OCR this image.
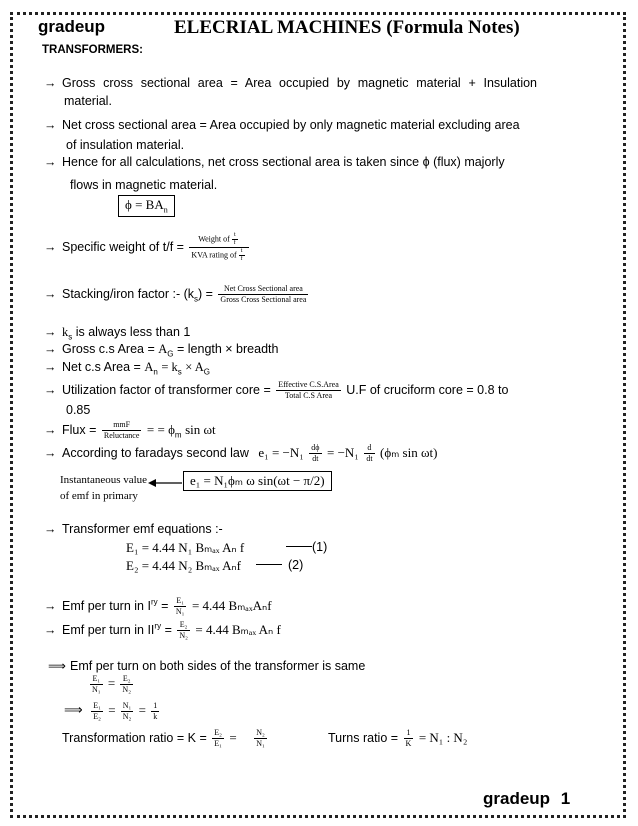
gradeup	ELECRIAL MACHINES (Formula Notes)
TRANSFORMERS:
→ Gross cross sectional area = Area occupied by magnetic material + Insulation
material.
→ Net cross sectional area = Area occupied by only magnetic material excluding area
of insulation material.
→ Hence for all calculations, net cross sectional area is taken since ϕ (flux) majorly
flows in magnetic material.
$\phi = BA_n$
→ Specific weight of $t/f = \frac{Weight of \frac{t}{f}}{KVA rating of \frac{t}{f}}$
→ Stacking/iron factor :- $(k_s) = \frac{\text{Net Cross Sectional area}}{\text{Gross Cross Sectional area}}$
→ $k_s$ is always less than 1
→ Gross c.s Area = $A_G$ = length × breadth
→ Net c.s Area = $A_n = k_s \times A_G$
→ Utilization factor of transformer core = $\frac{\text{Effective C.S.Area}}{\text{Total C.S Area}} U.F$ of cruciform core = 0.8 to
0.85
→ Flux = $\frac{\text{mmF}}{\text{Reluctance}}$ = = $\phi_m$ sin ωt
→ According to faradays second law $e_1 = -N_1 \frac{d\phi}{dt} = -N_1 \frac{d}{dt} (\phi_m$ sin ωt)
Instantaneous value
of emf in primary
e₁ = N₁ϕₘ ω sin(ωt − π/2)
→ Transformer emf equations :-
E₁ = 4.44 N₁ Bₘₐₓ Aₙ f	(1)
E₂ = 4.44 N₂ Bₘₐₓ Aₙf	(2)
→ Emf per turn in $I^{ry} = \frac{\text{E₁}}{\text{N₁}} = 4.44$ BₘₐₓAₙf
→ Emf per turn in $II^{ry} = \frac{\text{E₂}}{\text{N₂}} = 4.44$ Bₘₐₓ Aₙ f
⟹ Emf per turn on both sides of the transformer is same
$\frac{\text{E₁}}{\text{N₁}} = \frac{\text{E₂}}{\text{N₂}}$
⟹ $\frac{\text{E₁}}{\text{E₂}} = \frac{\text{N₁}}{\text{N₂}} = \frac{1}{k}$
Transformation ratio = $K = \frac{\text{E₂}}{\text{E₁}} = \frac{\text{N₂}}{\text{N₁}}$	Turns ratio = $\frac{1}{K} = N_1$ : N₂
gradeup 1
